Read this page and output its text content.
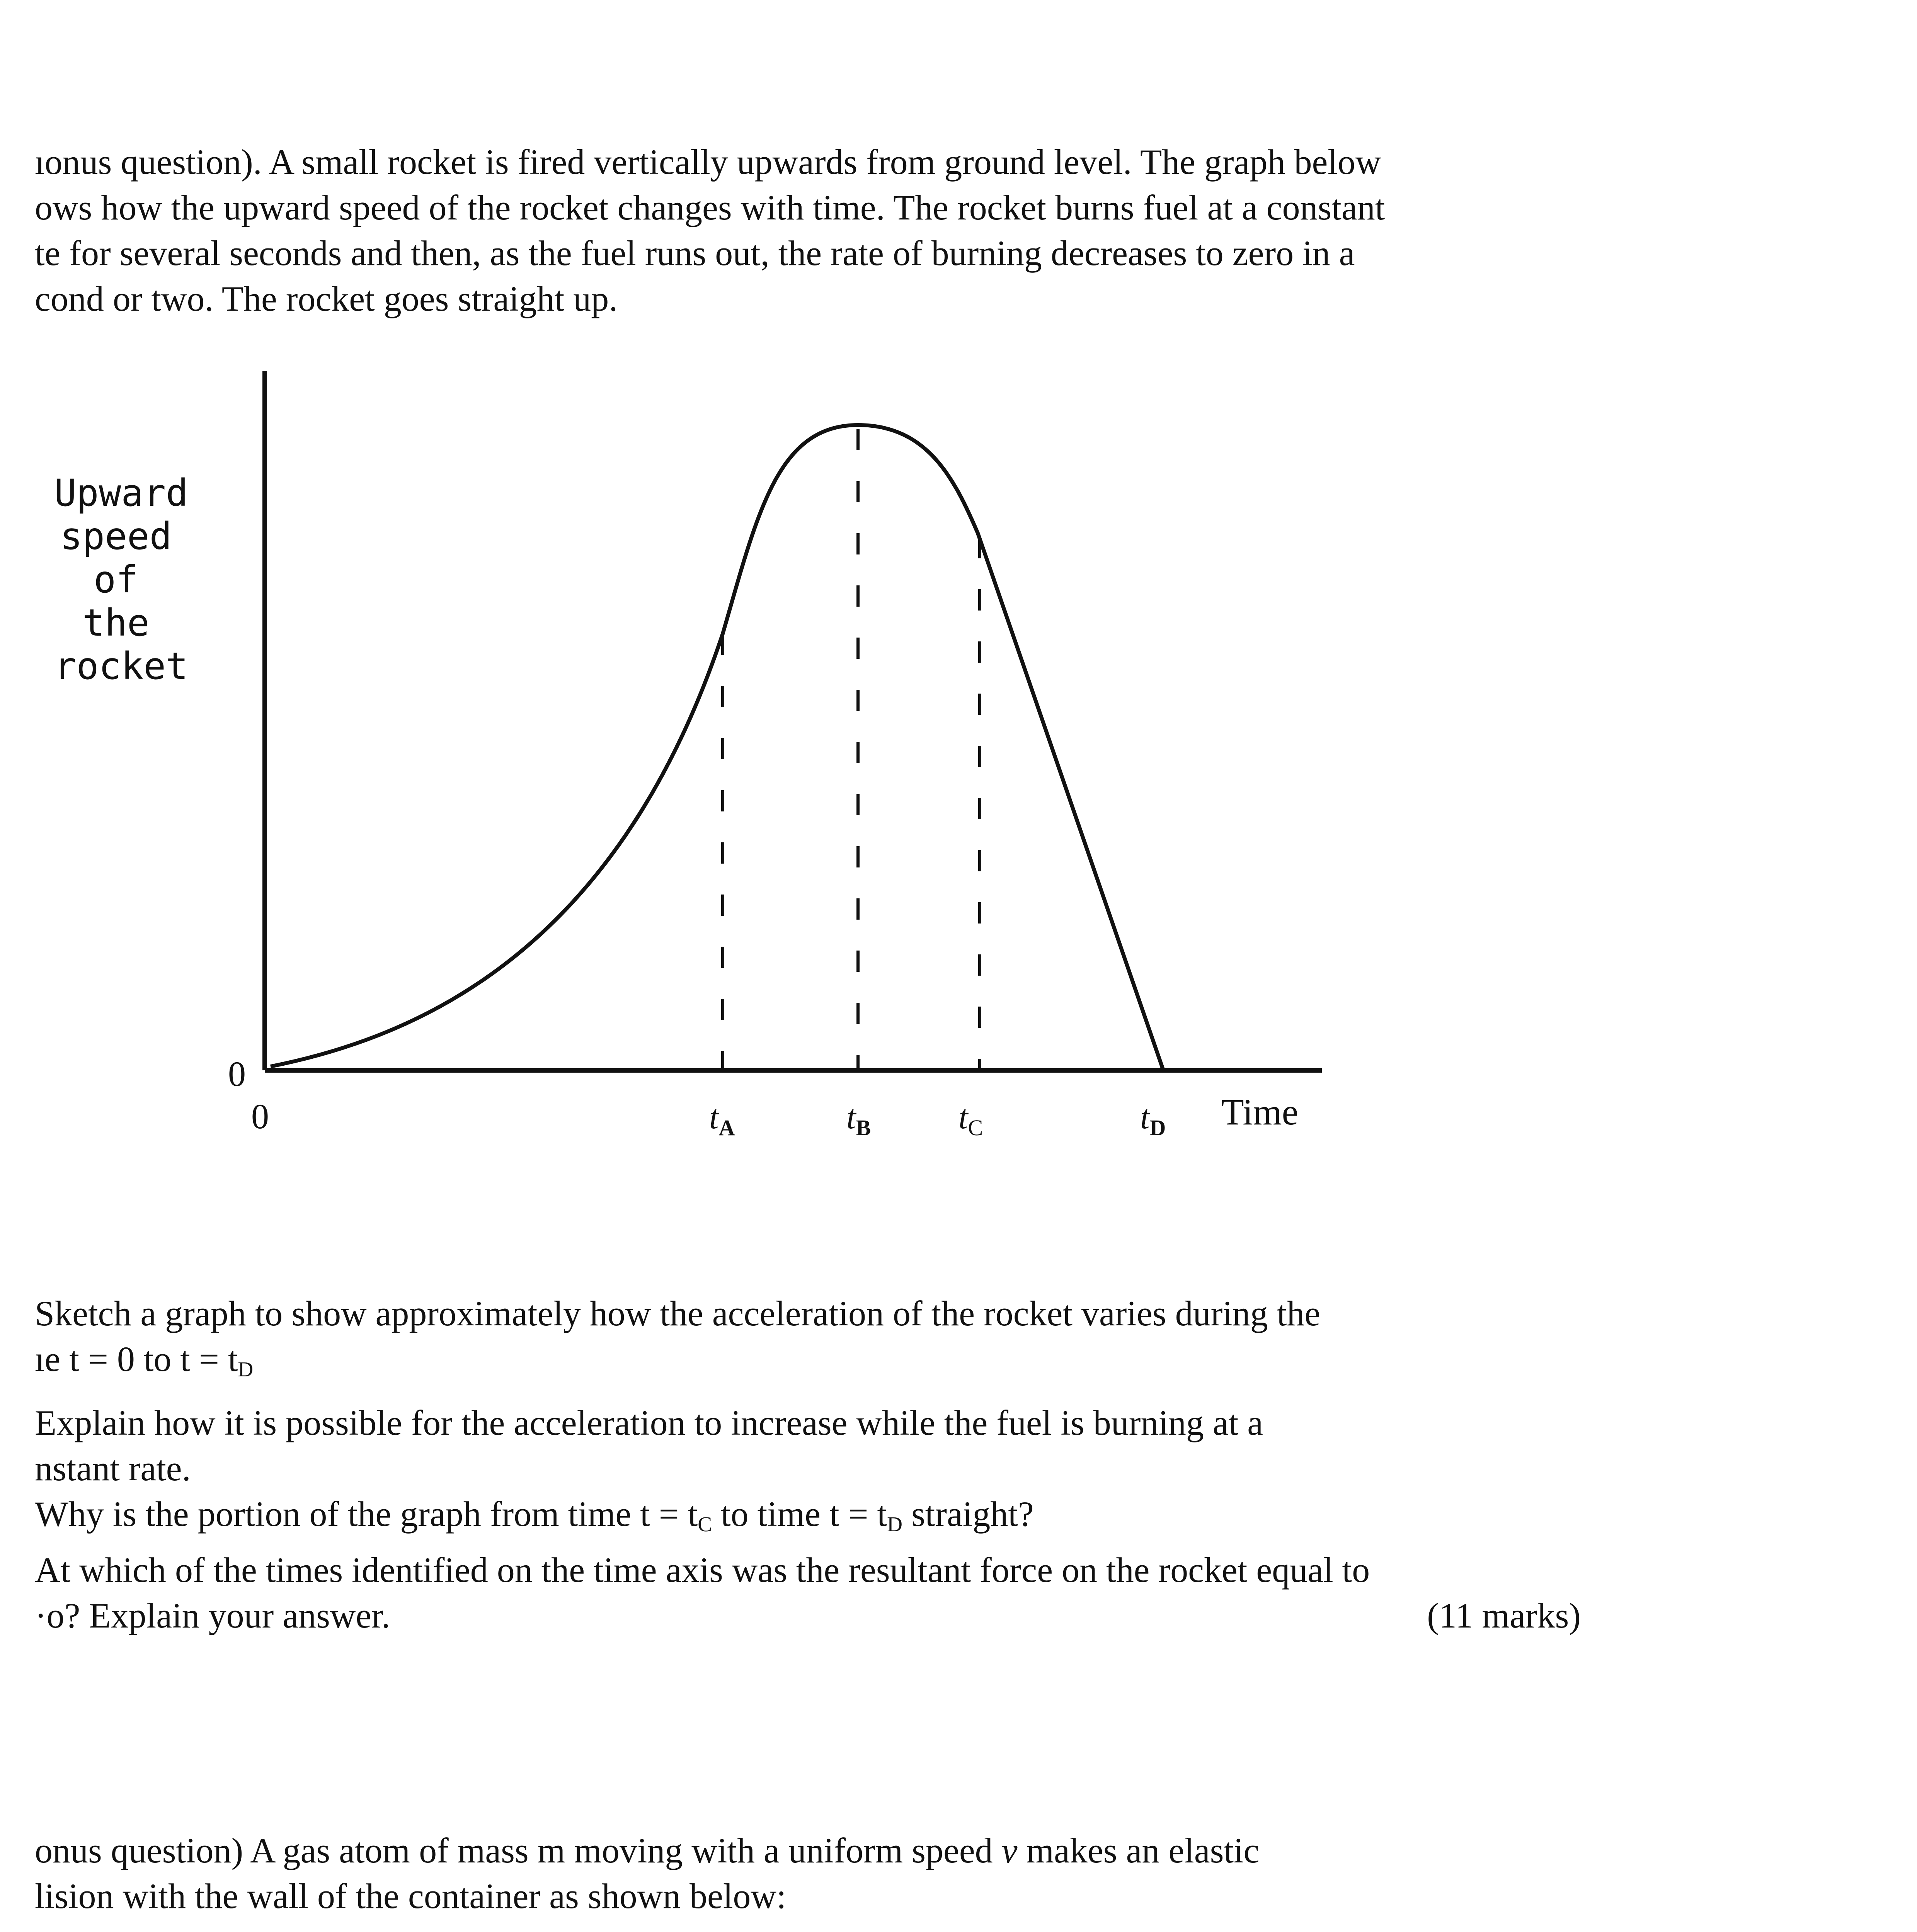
ıonus question). A small rocket is fired vertically upwards from ground level. The graph below
ows how the upward speed of the rocket changes with time. The rocket burns fuel at a constant
te for several seconds and then, as the fuel runs out, the rate of burning decreases to zero in a
cond or two. The rocket goes straight up.
Upward
speed
of the
rocket
0
0	$t_A$	$t_B$	$t_C$	$t_D$ Time
Sketch a graph to show approximately how the acceleration of the rocket varies during the
ıe t = 0 to $t = t_D$
Explain how it is possible for the acceleration to increase while the fuel is burning at a
nstant rate.
Why is the portion of the graph from time $t = t_C$ to time $t = t_D$ straight?
At which of the times identified on the time axis was the resultant force on the rocket equal to
·o? Explain your answer.	(11 marks)
onus question) A gas atom of mass m moving with a uniform speed v makes an elastic
lision with the wall of the container as shown below:
